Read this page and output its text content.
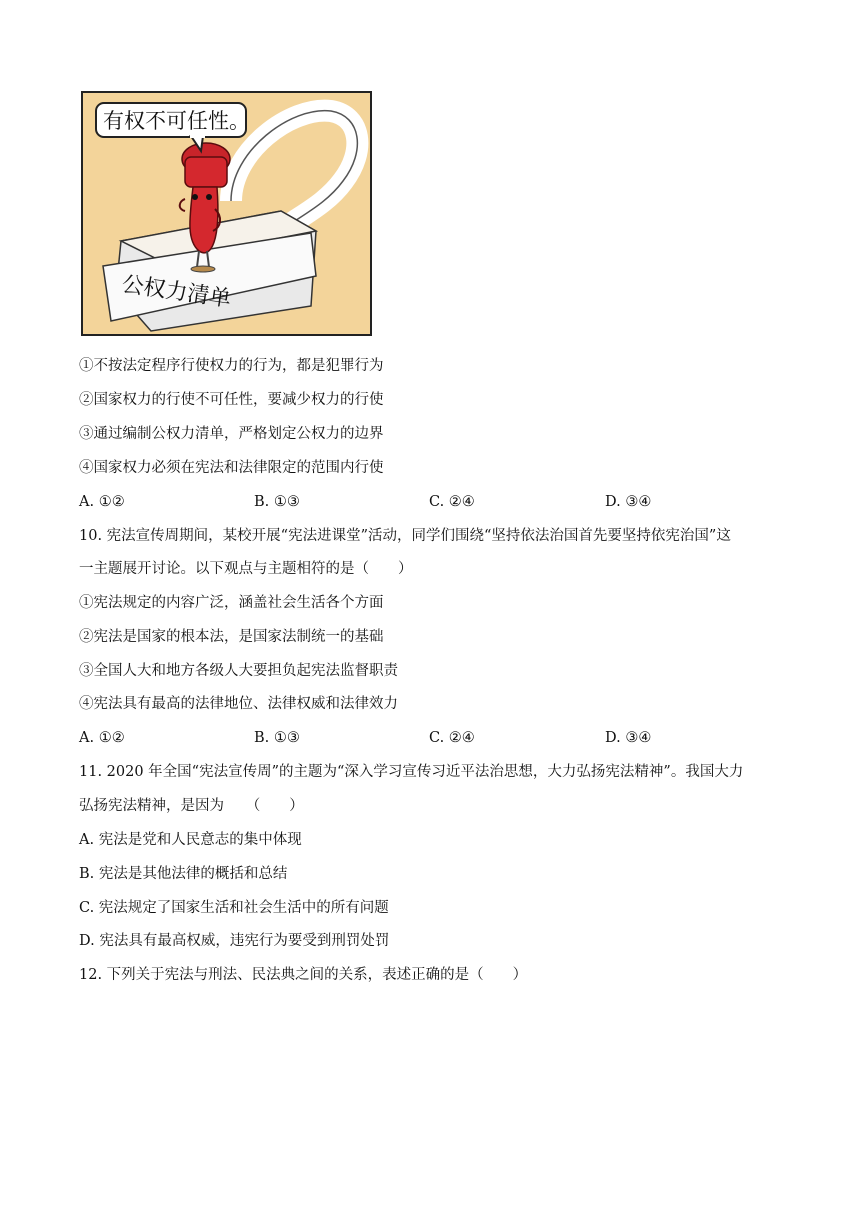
公权力清单
有权不可任性。
①不按法定程序行使权力的行为，都是犯罪行为
②国家权力的行使不可任性，要减少权力的行使
③通过编制公权力清单，严格划定公权力的边界
④国家权力必须在宪法和法律限定的范围内行使
A. ①②	B. ①③	C. ②④	D. ③④
10. 宪法宣传周期间，某校开展“宪法进课堂”活动，同学们围绕“坚持依法治国首先要坚持依宪治国”这
一主题展开讨论。以下观点与主题相符的是（　　）
①宪法规定的内容广泛，涵盖社会生活各个方面
②宪法是国家的根本法，是国家法制统一的基础
③全国人大和地方各级人大要担负起宪法监督职责
④宪法具有最高的法律地位、法律权威和法律效力
A. ①②	B. ①③	C. ②④	D. ③④
11. 2020 年全国“宪法宣传周”的主题为“深入学习宣传习近平法治思想，大力弘扬宪法精神”。我国大力
弘扬宪法精神，是因为　　（　　）
A. 宪法是党和人民意志的集中体现
B. 宪法是其他法律的概括和总结
C. 宪法规定了国家生活和社会生活中的所有问题
D. 宪法具有最高权威，违宪行为要受到刑罚处罚
12. 下列关于宪法与刑法、民法典之间的关系，表述正确的是（　　）
